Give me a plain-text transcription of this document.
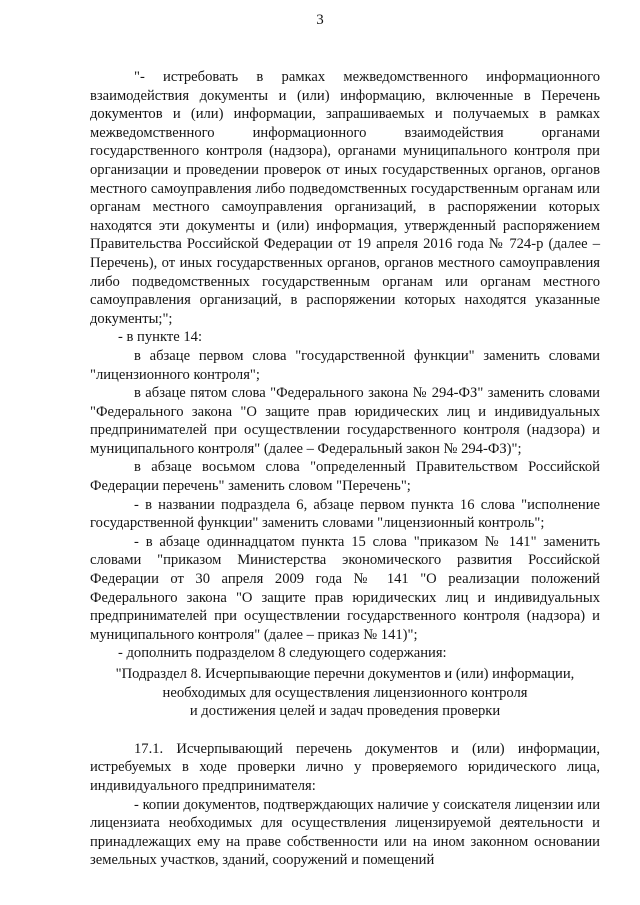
3

"- истребовать в рамках межведомственного информационного взаимодействия документы и (или) информацию, включенные в Перечень документов и (или) информации, запрашиваемых и получаемых в рамках межведомственного информационного взаимодействия органами государственного контроля (надзора), органами муниципального контроля при организации и проведении проверок от иных государственных органов, органов местного самоуправления либо подведомственных государственным органам или органам местного самоуправления организаций, в распоряжении которых находятся эти документы и (или) информация, утвержденный распоряжением Правительства Российской Федерации от 19 апреля 2016 года № 724-р (далее – Перечень), от иных государственных органов, органов местного самоуправления либо подведомственных государственным органам или органам местного самоуправления организаций, в распоряжении которых находятся указанные документы;";

- в пункте 14:

в абзаце первом слова "государственной функции" заменить словами "лицензионного контроля";

в абзаце пятом слова "Федерального закона № 294-ФЗ" заменить словами "Федерального закона "О защите прав юридических лиц и индивидуальных предпринимателей при осуществлении государственного контроля (надзора) и муниципального контроля" (далее – Федеральный закон № 294-ФЗ)";

в абзаце восьмом слова "определенный Правительством Российской Федерации перечень" заменить словом "Перечень";

- в названии подраздела 6, абзаце первом пункта 16 слова "исполнение государственной функции" заменить словами "лицензионный контроль";

- в абзаце одиннадцатом пункта 15 слова "приказом № 141" заменить словами "приказом Министерства экономического развития Российской Федерации от 30 апреля 2009 года № 141 "О реализации положений Федерального закона "О защите прав юридических лиц и индивидуальных предпринимателей при осуществлении государственного контроля (надзора) и муниципального контроля" (далее – приказ № 141)";

- дополнить подразделом 8 следующего содержания:

"Подраздел 8. Исчерпывающие перечни документов и (или) информации,
необходимых для осуществления лицензионного контроля
и достижения целей и задач проведения проверки

17.1. Исчерпывающий перечень документов и (или) информации, истребуемых в ходе проверки лично у проверяемого юридического лица, индивидуального предпринимателя:

- копии документов, подтверждающих наличие у соискателя лицензии или лицензиата необходимых для осуществления лицензируемой деятельности и принадлежащих ему на праве собственности или на ином законном основании земельных участков, зданий, сооружений и помещений
